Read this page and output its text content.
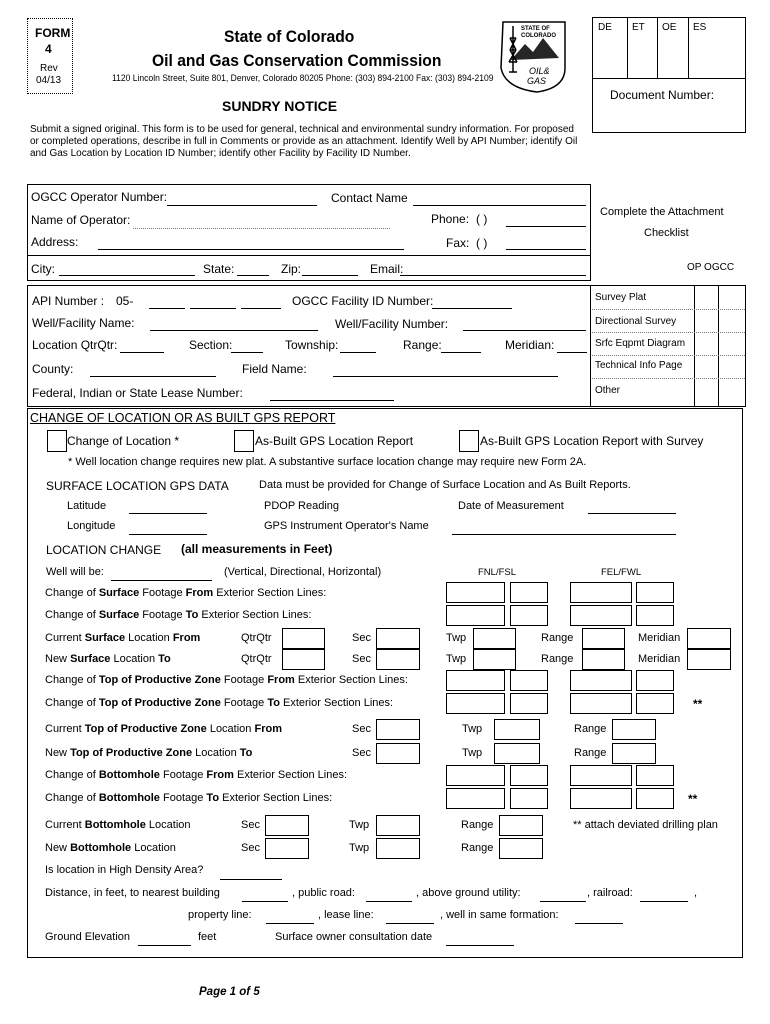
FORM
4
Rev
04/13
State of Colorado
Oil and Gas Conservation Commission
1120 Lincoln Street, Suite 801, Denver, Colorado 80205 Phone: (303) 894-2100 Fax: (303) 894-2109
STATE OF
COLORADO
OIL&
GAS
DE ET OE ES
Document Number:
SUNDRY NOTICE
Submit a signed original. This form is to be used for general, technical and environmental sundry information. For proposed
or completed operations, describe in full in Comments or provide as an attachment. Identify Well by API Number; identify Oil
and Gas Location by Location ID Number; identify other Facility by Facility ID Number.
OGCC Operator Number:	Contact Name
Name of Operator:	Phone: ( )
Address:	Fax: ( )
City:	State:	Zip:	Email:
Complete the Attachment
Checklist
OP OGCC
Survey Plat
Directional Survey
Srfc Eqpmt Diagram
Technical Info Page
Other
API Number : 05-	OGCC Facility ID Number:
Well/Facility Name:	Well/Facility Number:
Location QtrQtr:	Section:	Township:	Range:	Meridian:
County:	Field Name:
Federal, Indian or State Lease Number:
CHANGE OF LOCATION OR AS BUILT GPS REPORT
Change of Location *	As-Built GPS Location Report	As-Built GPS Location Report with Survey
* Well location change requires new plat. A substantive surface location change may require new Form 2A.
SURFACE LOCATION GPS DATA	Data must be provided for Change of Surface Location and As Built Reports.
Latitude	PDOP Reading	Date of Measurement
Longitude	GPS Instrument Operator's Name
LOCATION CHANGE (all measurements in Feet)
Well will be:	(Vertical, Directional, Horizontal)	FNL/FSL	FEL/FWL
Change of Surface Footage From Exterior Section Lines:
Change of Surface Footage To Exterior Section Lines:
Current Surface Location From	QtrQtr	Sec	Twp	Range	Meridian
New Surface Location To	QtrQtr	Sec	Twp	Range	Meridian
Change of Top of Productive Zone Footage From Exterior Section Lines:
Change of Top of Productive Zone Footage To Exterior Section Lines:	**
Current Top of Productive Zone Location From	Sec	Twp	Range
New Top of Productive Zone Location To	Sec	Twp	Range
Change of Bottomhole Footage From Exterior Section Lines:
Change of Bottomhole Footage To Exterior Section Lines:	**
Current Bottomhole Location	Sec	Twp	Range	** attach deviated drilling plan
New Bottomhole Location	Sec	Twp	Range
Is location in High Density Area?
Distance, in feet, to nearest building	, public road:	, above ground utility:	, railroad:	,
property line:	, lease line:	, well in same formation:
Ground Elevation	feet	Surface owner consultation date
Page 1 of 5
